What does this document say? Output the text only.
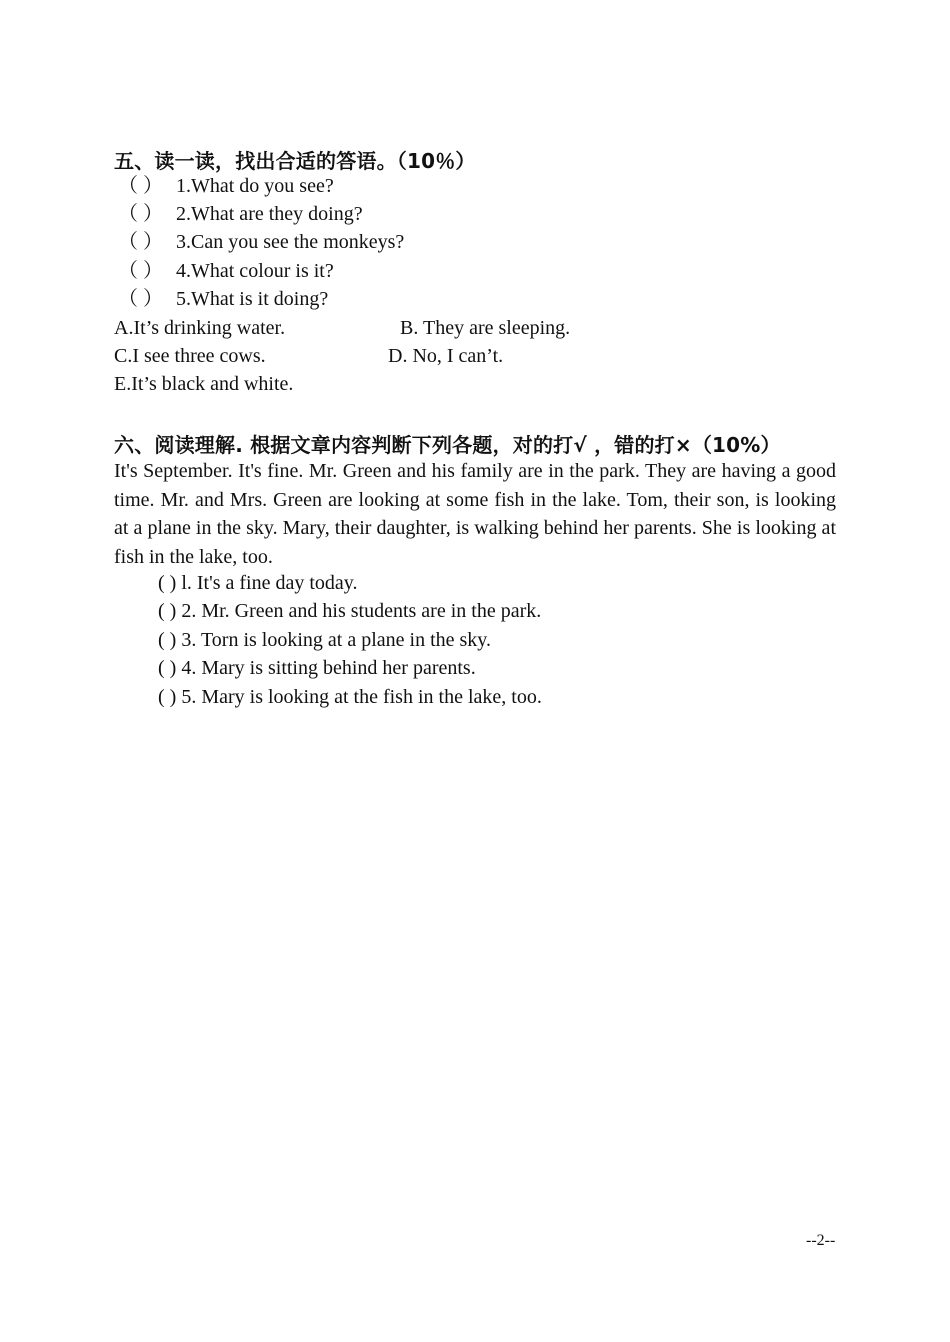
五、读一读，找出合适的答语。（10％）
（ ） 1.What do you see?
（ ） 2.What are they doing?
（ ） 3.Can you see the monkeys?
（ ） 4.What colour is it?
（ ） 5.What is it doing?
A.It’s drinking water.	B. They are sleeping.
C.I see three cows.	D. No, I can’t.
E.It’s black and white.
六、阅读理解. 根据文章内容判断下列各题，对的打√ ，错的打×（10%）
It's September. It's fine. Mr. Green and his family are in the park. They are having a good time. Mr. and Mrs. Green are looking at some fish in the lake. Tom, their son, is looking at a plane in the sky. Mary, their daughter, is walking behind her parents. She is looking at fish in the lake, too.
( ) l. It's a fine day today.
( ) 2. Mr. Green and his students are in the park.
( ) 3. Torn is looking at a plane in the sky.
( ) 4. Mary is sitting behind her parents.
( ) 5. Mary is looking at the fish in the lake, too.
--2--
